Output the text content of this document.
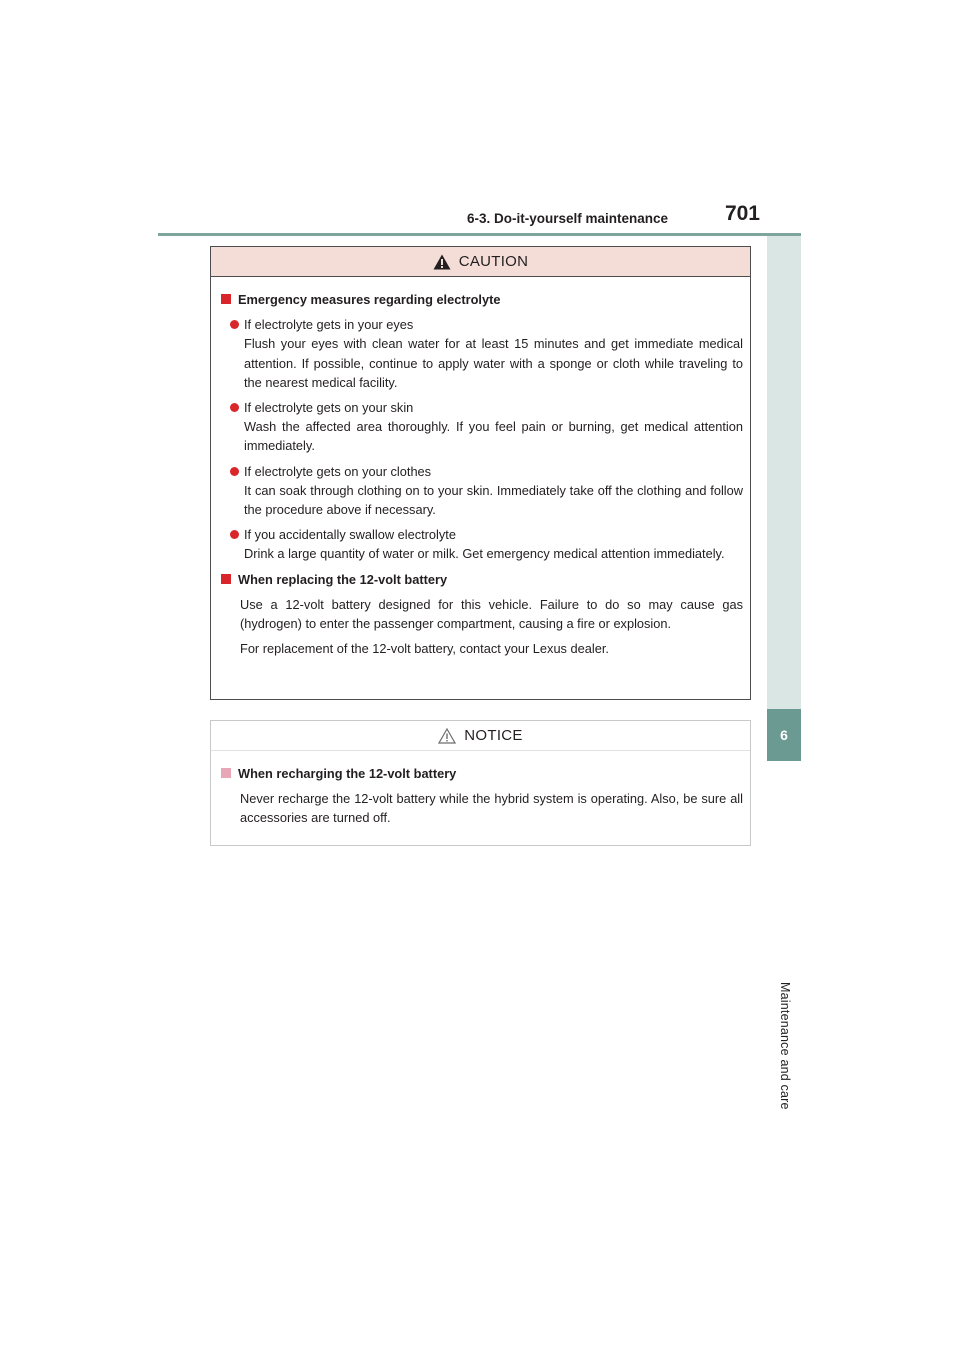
6-3. Do-it-yourself maintenance	701
6
Maintenance and care
CAUTION
Emergency measures regarding electrolyte
If electrolyte gets in your eyes
Flush your eyes with clean water for at least 15 minutes and get immediate medical attention. If possible, continue to apply water with a sponge or cloth while traveling to the nearest medical facility.
If electrolyte gets on your skin
Wash the affected area thoroughly. If you feel pain or burning, get medical attention immediately.
If electrolyte gets on your clothes
It can soak through clothing on to your skin. Immediately take off the clothing and follow the procedure above if necessary.
If you accidentally swallow electrolyte
Drink a large quantity of water or milk. Get emergency medical attention immediately.
When replacing the 12-volt battery
Use a 12-volt battery designed for this vehicle. Failure to do so may cause gas (hydrogen) to enter the passenger compartment, causing a fire or explosion.
For replacement of the 12-volt battery, contact your Lexus dealer.
NOTICE
When recharging the 12-volt battery
Never recharge the 12-volt battery while the hybrid system is operating. Also, be sure all accessories are turned off.
